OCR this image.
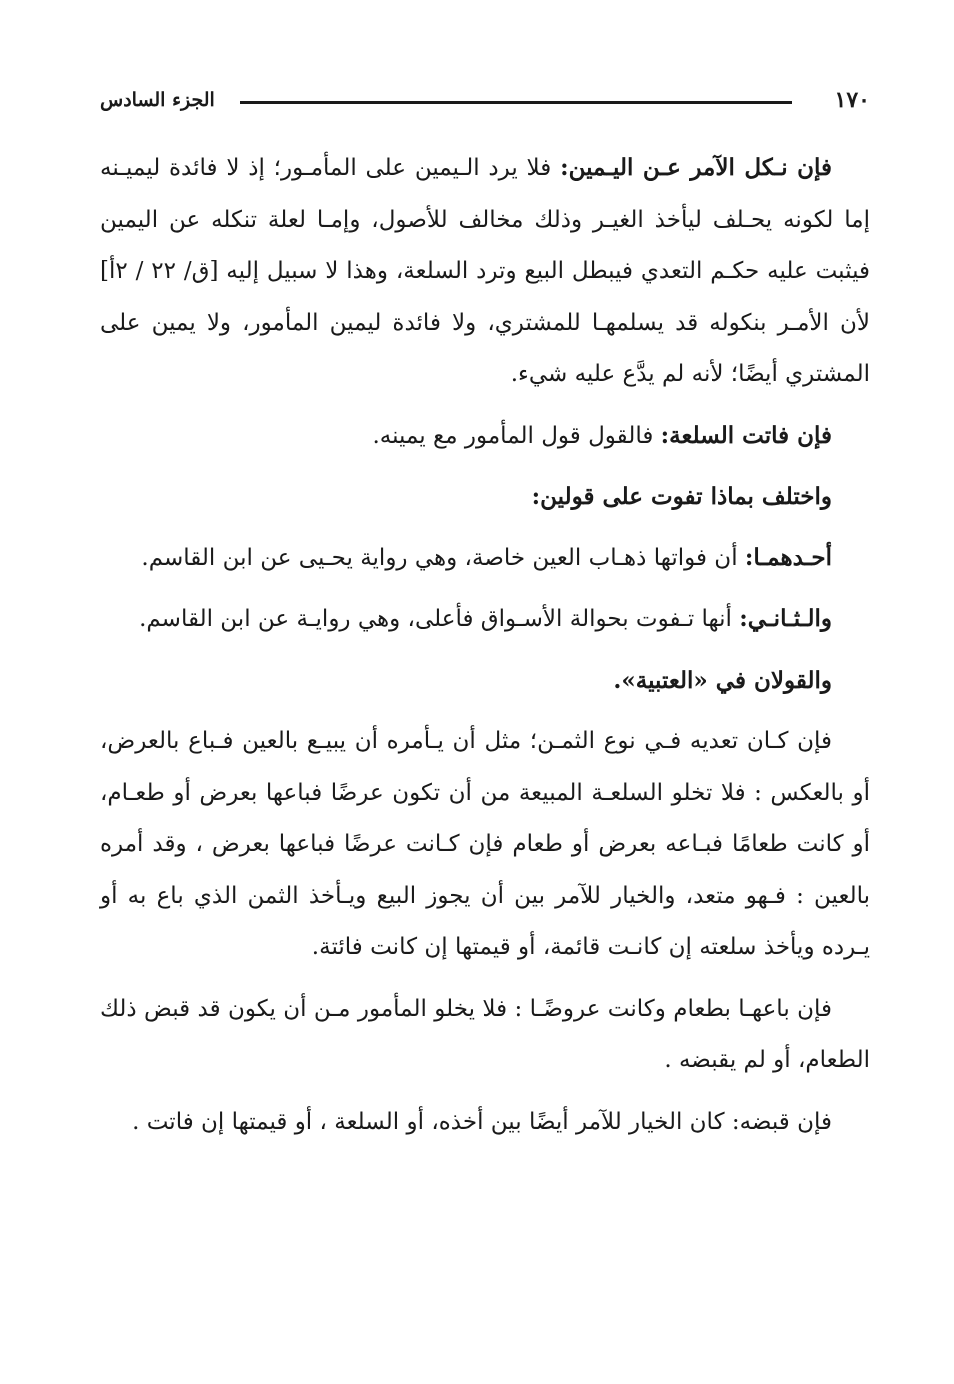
١٧٠
الجزء السادس

فإن نـكل الآمر عـن اليـمين: فلا يرد الـيمين على المأمـور؛ إذ لا فائدة ليميـنه إما لكونه يحـلف ليأخذ الغيـر وذلك مخالف للأصول، وإمـا لعلة تنكله عن اليمين فيثبت عليه حكـم التعدي فيبطل البيع وترد السلعة، وهذا لا سبيل إليه [ق/ ٢٢ / ٢أ] لأن الأمـر بنكوله قد يسلمهـا للمشتري، ولا فائدة ليمين المأمور، ولا يمين على المشتري أيضًا؛ لأنه لم يدَّع عليه شيء.

فإن فاتت السلعة: فالقول قول المأمور مع يمينه.

واختلف بماذا تفوت على قولين:

أحـدهمـا: أن فواتها ذهـاب العين خاصة، وهي رواية يحـيى عن ابن القاسم.

والـثـانـي: أنها تـفوت بحوالة الأسـواق فأعلى، وهي روايـة عن ابن القاسم.

والقولان في «العتبية».

فإن كـان تعديه فـي نوع الثمـن؛ مثل أن يـأمره أن يبيـع بالعين فـباع بالعرض، أو بالعكس : فلا تخلو السلعـة المبيعة من أن تكون عرضًا فباعها بعرض أو طعـام، أو كانت طعامًا فبـاعه بعرض أو طعام فإن كـانت عرضًا فباعها بعرض ، وقد أمره بالعين : فـهو متعد، والخيار للآمر بين أن يجوز البيع ويـأخذ الثمن الذي باع به أو يـرده ويأخذ سلعته إن كانـت قائمة، أو قيمتها إن كانت فائتة.

فإن باعهـا بطعام وكانت عروضًـا : فلا يخلو المأمور مـن أن يكون قد قبض ذلك الطعام، أو لم يقبضه .

فإن قبضه: كان الخيار للآمر أيضًا بين أخذه، أو السلعة ، أو قيمتها إن فاتت .
